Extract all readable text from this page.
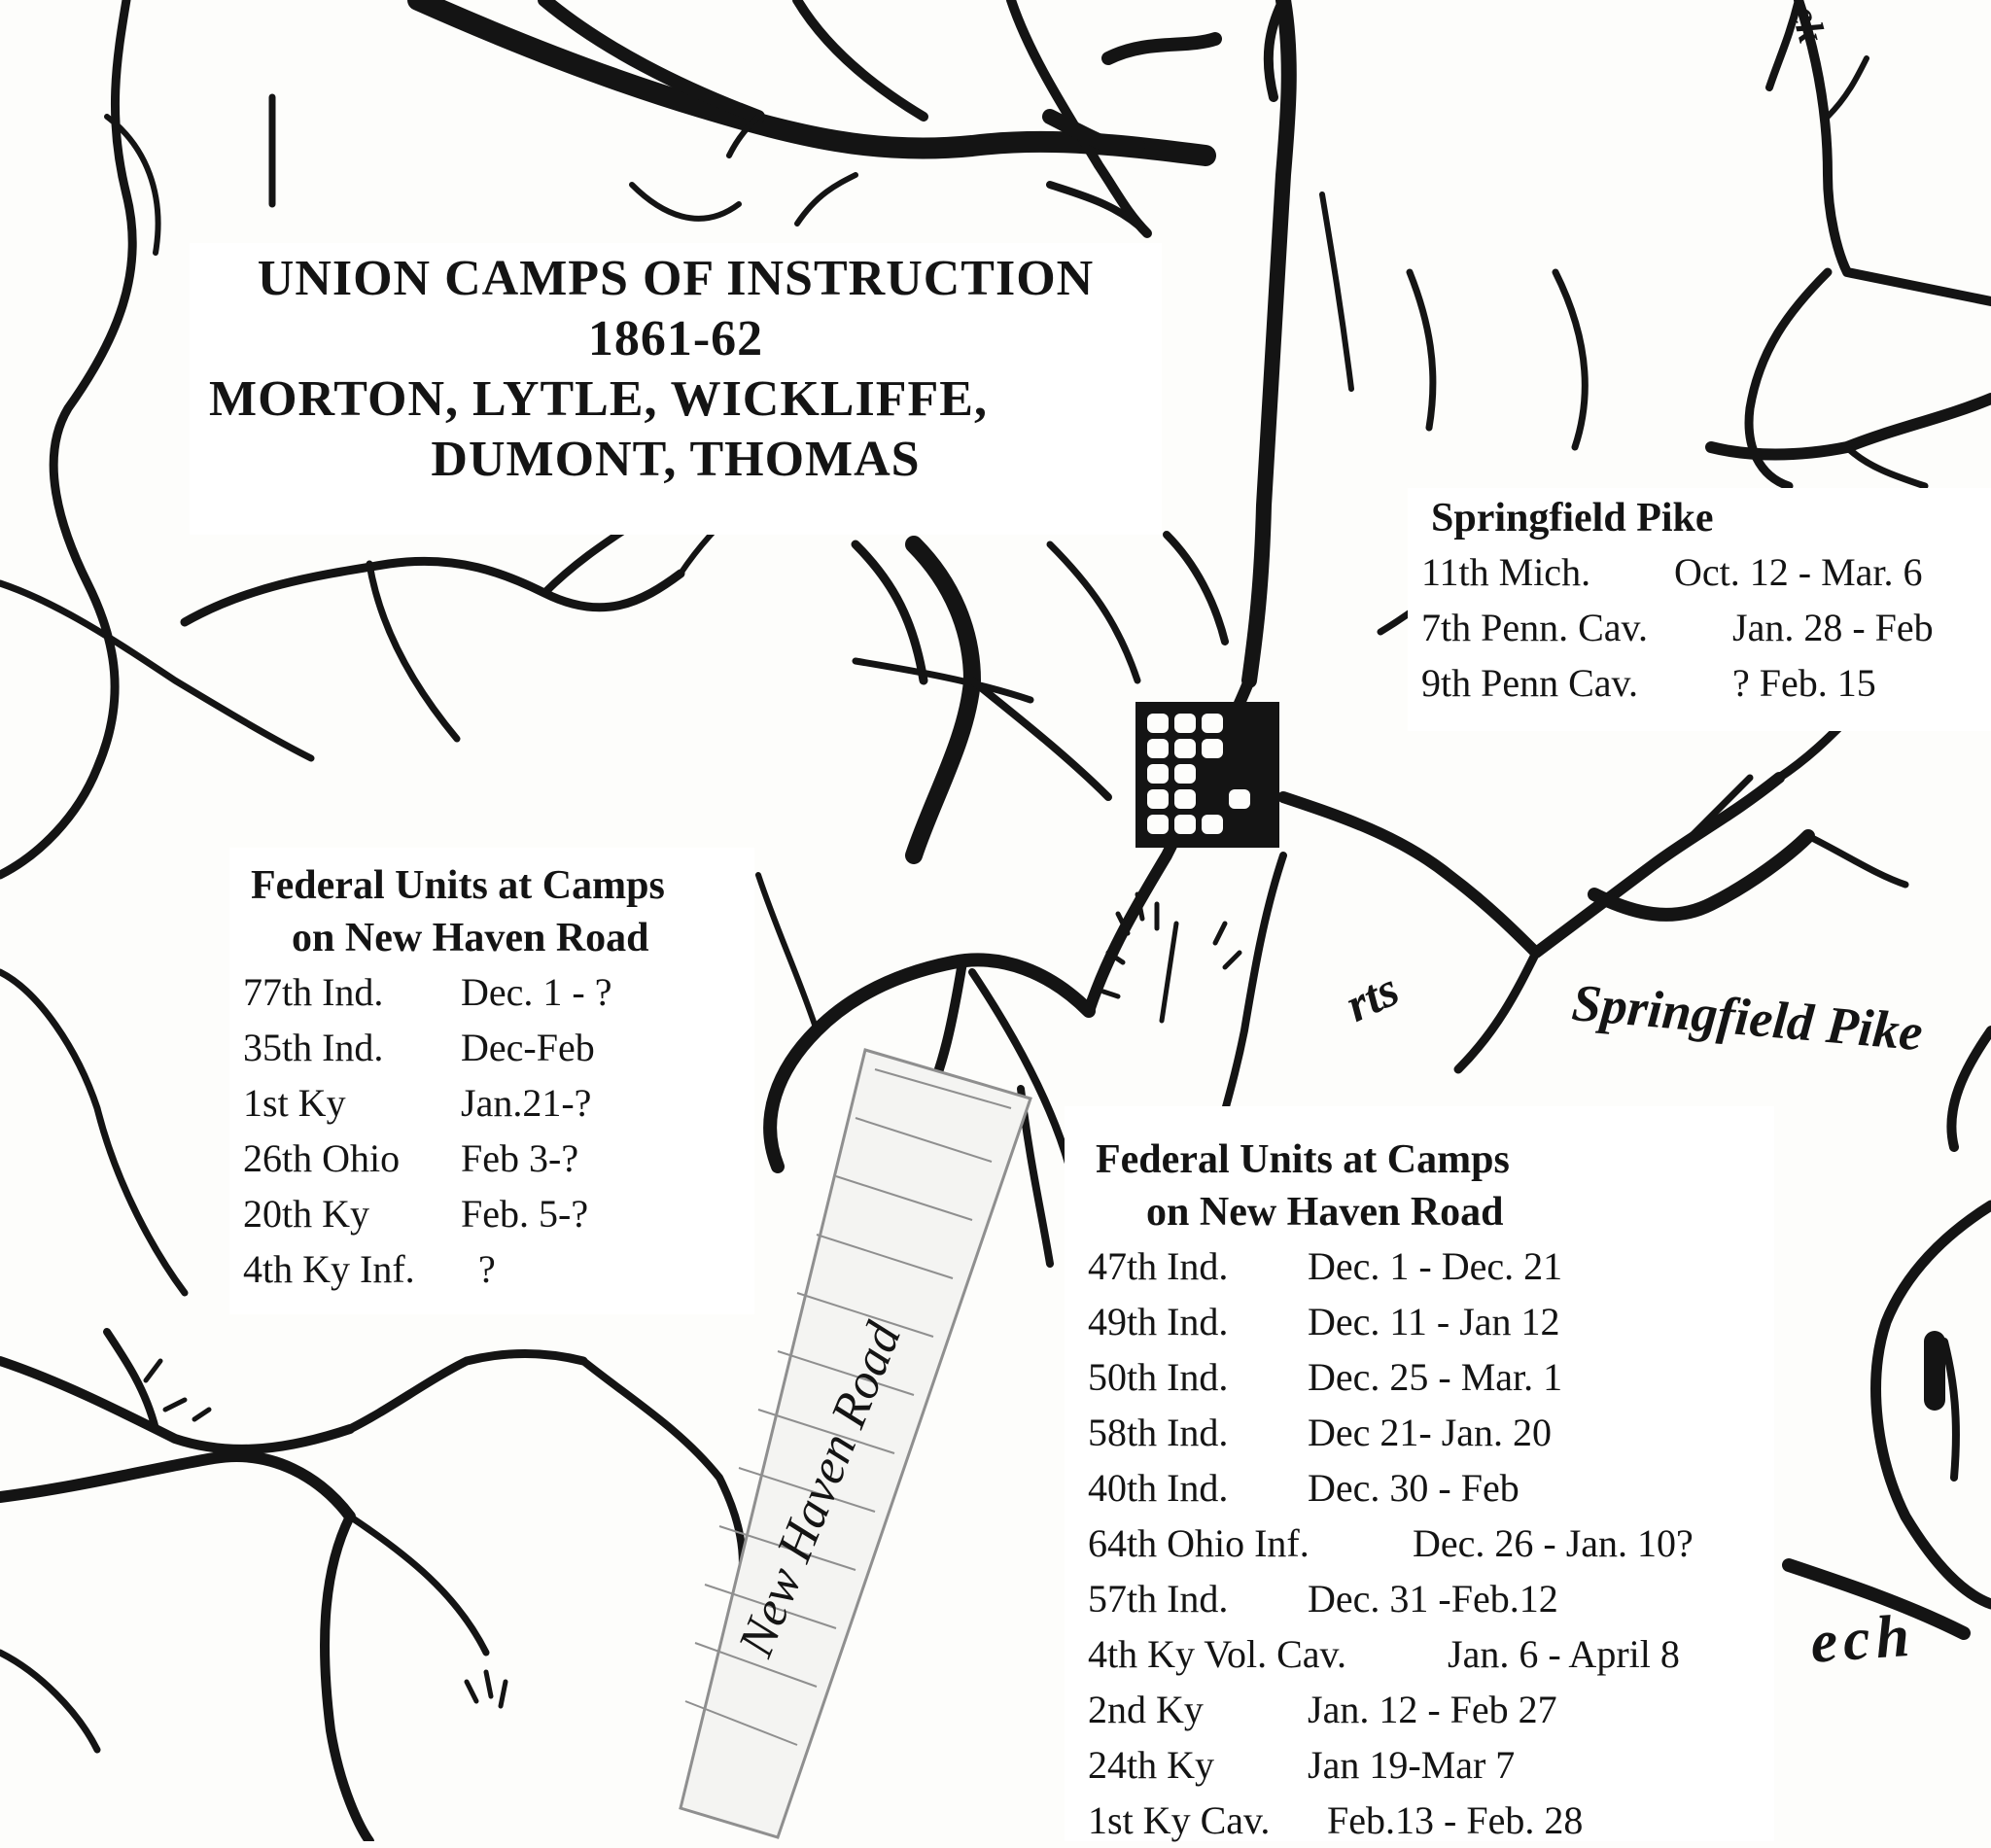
UNION CAMPS OF INSTRUCTION
1861-62
MORTON, LYTLE, WICKLIFFE,
DUMONT, THOMAS
Springfield Pike
11th Mich. Oct. 12 - Mar. 6
7th Penn. Cav. Jan. 28 - Feb
9th Penn Cav. ? Feb. 15
Federal Units at Camps
on New Haven Road
77th Ind. Dec. 1 - ?
35th Ind. Dec-Feb
1st Ky	Jan.21-?
26th Ohio Feb 3-?
20th Ky Feb. 5-?
4th Ky Inf. ?
Federal Units at Camps
on New Haven Road
47th Ind. Dec. 1 - Dec. 21
49th Ind. Dec. 11 - Jan 12
50th Ind. Dec. 25 - Mar. 1
58th Ind. Dec 21- Jan. 20
40th Ind. Dec. 30 - Feb
64th Ohio Inf.	Dec. 26 - Jan. 10?
57th Ind. Dec. 31 -Feb.12
4th Ky Vol. Cav.	Jan. 6 - April 8
2nd Ky	Jan. 12 - Feb 27
24th Ky Jan 19-Mar 7
1st Ky Cav. Feb.13 - Feb. 28
Springfield Pike
New Haven Road
rts
ech
ek
